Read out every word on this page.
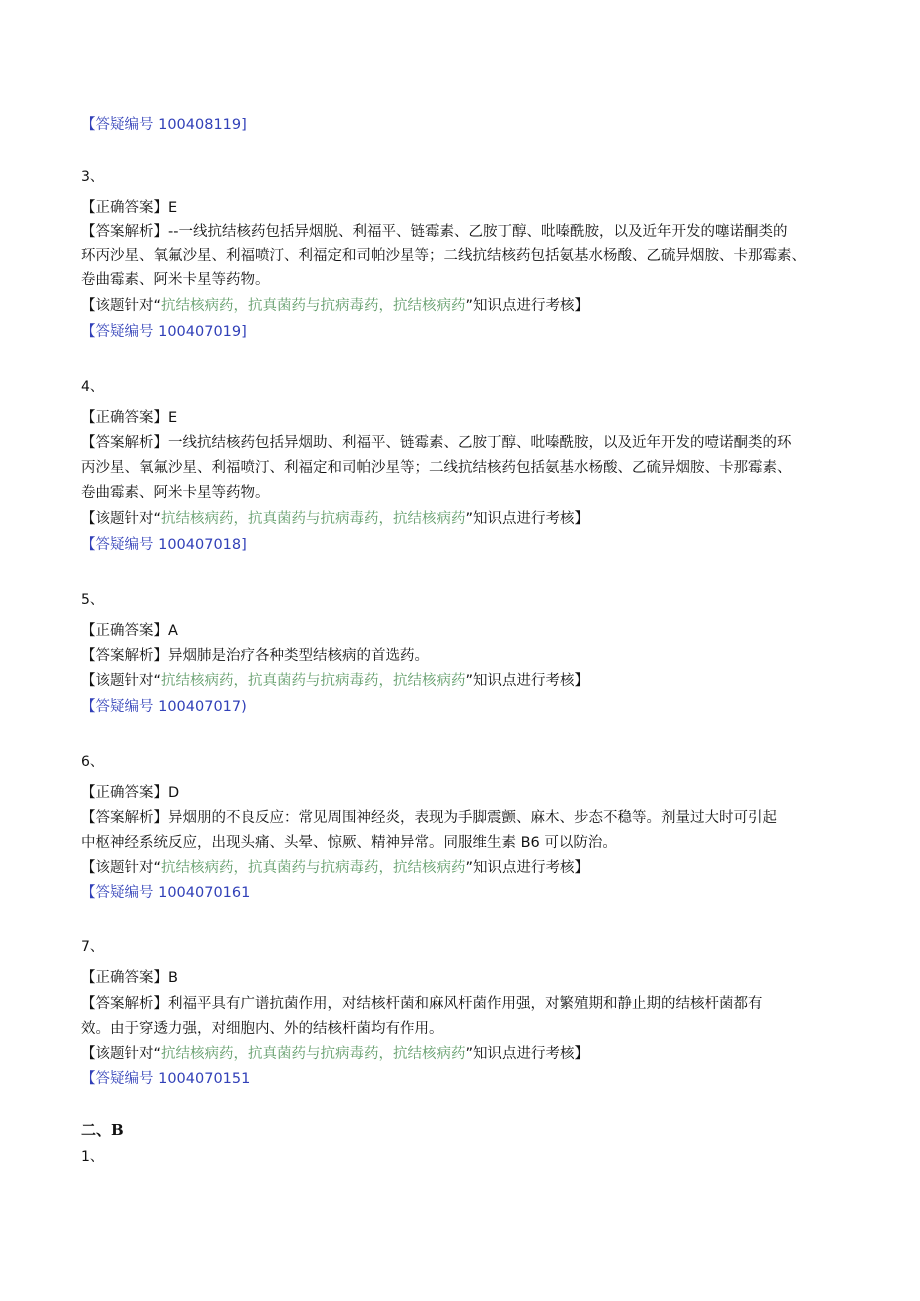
【答疑编号 100408119]
3、
【正确答案】E
【答案解析】--一线抗结核药包括异烟脱、利福平、链霉素、乙胺丁醇、吡嗪酰胺，以及近年开发的噻诺酮类的
环丙沙星、氧氟沙星、利福喷汀、利福定和司帕沙星等；二线抗结核药包括氨基水杨酸、乙硫异烟胺、卡那霉素、
卷曲霉素、阿米卡星等药物。
【该题针对“抗结核病药，抗真菌药与抗病毒药，抗结核病药”知识点进行考核】
【答疑编号 100407019]
4、
【正确答案】E
【答案解析】一线抗结核药包括异烟助、利福平、链霉素、乙胺丁醇、吡嗪酰胺，以及近年开发的噎诺酮类的环
丙沙星、氧氟沙星、利福喷汀、利福定和司帕沙星等；二线抗结核药包括氨基水杨酸、乙硫异烟胺、卡那霉素、
卷曲霉素、阿米卡星等药物。
【该题针对“抗结核病药，抗真菌药与抗病毒药，抗结核病药”知识点进行考核】
【答疑编号 100407018]
5、
【正确答案】A
【答案解析】异烟肺是治疗各种类型结核病的首选药。
【该题针对“抗结核病药，抗真菌药与抗病毒药，抗结核病药”知识点进行考核】
【答疑编号 100407017)
6、
【正确答案】D
【答案解析】异烟朋的不良反应：常见周围神经炎，表现为手脚震颤、麻木、步态不稳等。剂量过大时可引起
中枢神经系统反应，出现头痛、头晕、惊厥、精神异常。同服维生素 B6 可以防治。
【该题针对“抗结核病药，抗真菌药与抗病毒药，抗结核病药”知识点进行考核】
【答疑编号 1004070161
7、
【正确答案】B
【答案解析】利福平具有广谱抗菌作用，对结核杆菌和麻风杆菌作用强，对繁殖期和静止期的结核杆菌都有
效。由于穿透力强，对细胞内、外的结核杆菌均有作用。
【该题针对“抗结核病药，抗真菌药与抗病毒药，抗结核病药”知识点进行考核】
【答疑编号 1004070151
二、B
1、
